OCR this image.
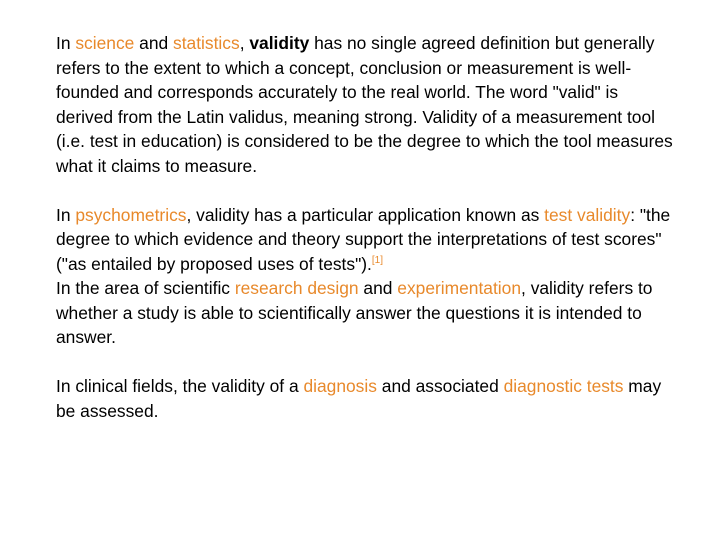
In science and statistics, validity has no single agreed definition but generally refers to the extent to which a concept, conclusion or measurement is well-founded and corresponds accurately to the real world. The word "valid" is derived from the Latin validus, meaning strong. Validity of a measurement tool (i.e. test in education) is considered to be the degree to which the tool measures what it claims to measure.

In psychometrics, validity has a particular application known as test validity: "the degree to which evidence and theory support the interpretations of test scores" ("as entailed by proposed uses of tests").[1]

In the area of scientific research design and experimentation, validity refers to whether a study is able to scientifically answer the questions it is intended to answer.

In clinical fields, the validity of a diagnosis and associated diagnostic tests may be assessed.
